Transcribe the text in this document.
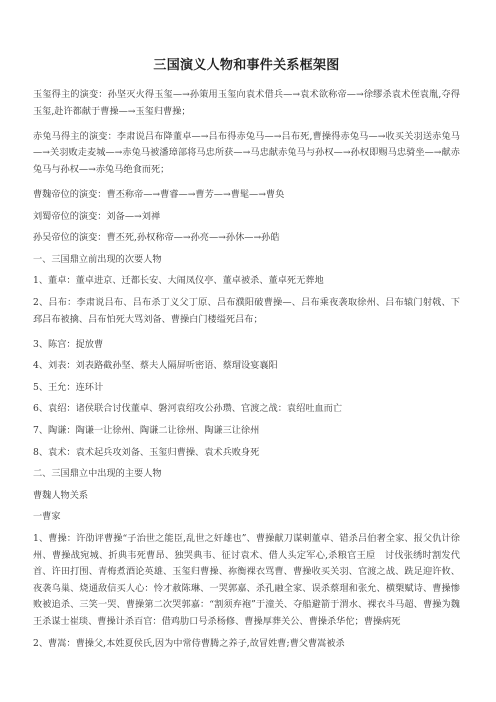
三国演义人物和事件关系框架图

玉玺得主的演变：孙坚灭火得玉玺—→孙策用玉玺向袁术借兵—→袁术欲称帝—→徐缪杀袁术侄袁胤,夺得玉玺,赴许都献于曹操—→玉玺归曹操；

赤兔马得主的演变：李肃说吕布降董卓—→吕布得赤兔马—→吕布死,曹操得赤兔马—→收买关羽送赤兔马—→关羽败走麦城—→赤兔马被潘璋部将马忠所获—→马忠献赤兔马与孙权—→孙权即赐马忠骑坐—→献赤兔马与孙权—→赤兔马绝食而死；

曹魏帝位的演变：曹丕称帝—→曹睿—→曹芳—→曹髦—→曹奂

刘蜀帝位的演变：刘备—→刘禅

孙吴帝位的演变：曹丕死,孙权称帝—→孙亮—→孙休—→孙皓

一、三国鼎立前出现的次要人物

1、董卓：董卓进京、迁都长安、大闹凤仪亭、董卓被杀、董卓死无葬地

2、吕布：李肃说吕布、吕布杀丁义父丁原、吕布濮阳破曹操—、吕布乘夜袭取徐州、吕布辕门射戟、下邳吕布被擒、吕布怕死大骂刘备、曹操白门楼缢死吕布；

3、陈宫：捉放曹

4、刘表：刘表路截孙坚、蔡夫人隔屏听密语、蔡瑁设宴襄阳

5、王允：连环计

6、袁绍：诸侯联合讨伐董卓、磐河袁绍攻公孙瓒、官渡之战：袁绍吐血而亡

7、陶谦：陶谦一让徐州、陶谦二让徐州、陶谦三让徐州

8、袁术：袁术起兵攻刘备、玉玺归曹操、袁术兵败身死

二、三国鼎立中出现的主要人物

曹魏人物关系

一曹家

1、曹操：许劭评曹操“子治世之能臣,乱世之奸雄也”、曹操献刀谋刺董卓、错杀吕伯奢全家、报父仇计徐州、曹操战宛城、折典韦死曹昂、独哭典韦、征讨袁术、借人头定军心,杀粮官王垕　讨伐张绣时割发代首、许田打围、青梅煮酒论英雄、玉玺归曹操、祢衡裸衣骂曹、曹操收买关羽、官渡之战、跣足迎许攸、夜袭乌巢、烧通敌信买人心：怜才赦陈琳、一哭郭嘉、杀孔融全家、误杀蔡瑁和张允、横槊赋诗、曹操惨败被追杀、三笑一哭、曹操第二次哭郭嘉：“割须弃袍”于潼关、夺船避箭于渭水、裸衣斗马超、曹操为魏王杀谋士崔琰、曹操计杀百官：借鸡肋口号杀杨修、曹操厚葬关公、曹操杀华佗；曹操病死

2、曹嵩：曹操父,本姓夏侯氏,因为中常侍曹腾之养子,故冒姓曹;曹父曹嵩被杀
